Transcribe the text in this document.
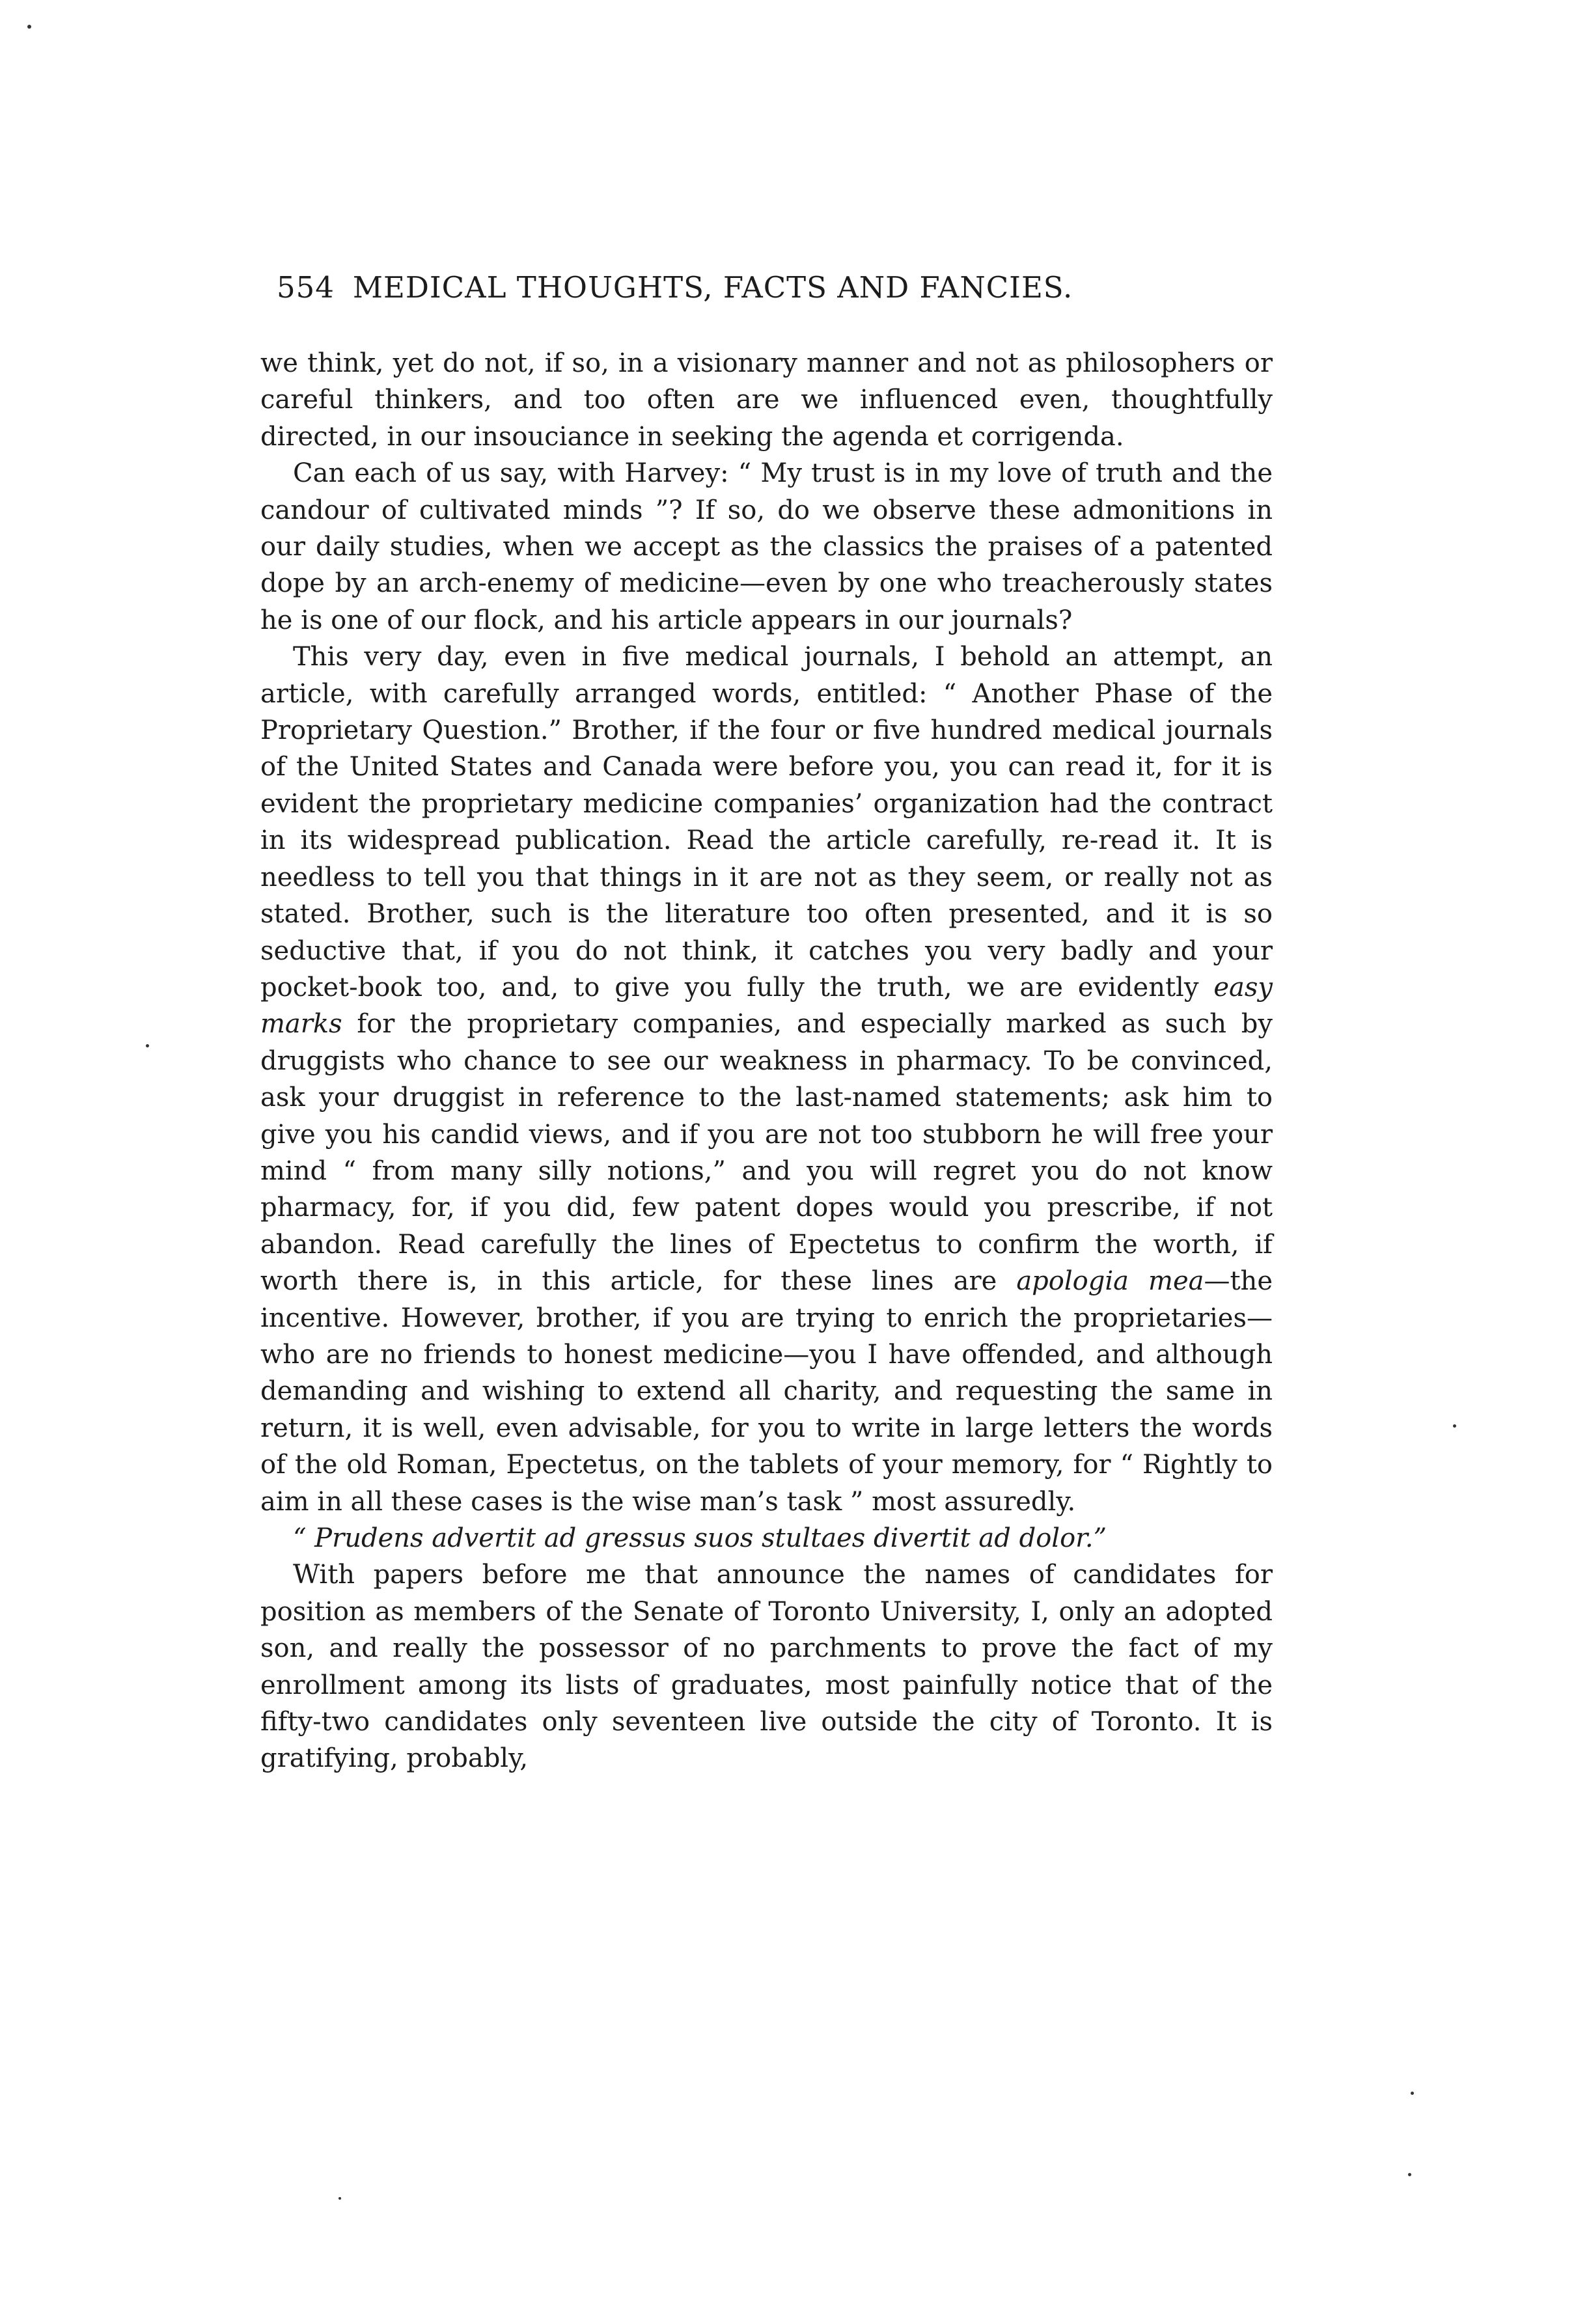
554 MEDICAL THOUGHTS, FACTS AND FANCIES.

we think, yet do not, if so, in a visionary manner and not as philosophers or careful thinkers, and too often are we influenced even, thoughtfully directed, in our insouciance in seeking the agenda et corrigenda.

Can each of us say, with Harvey: “ My trust is in my love of truth and the candour of cultivated minds ”? If so, do we observe these admonitions in our daily studies, when we accept as the classics the praises of a patented dope by an arch-enemy of medicine—even by one who treacherously states he is one of our flock, and his article appears in our journals?

This very day, even in five medical journals, I behold an attempt, an article, with carefully arranged words, entitled: “ Another Phase of the Proprietary Question.” Brother, if the four or five hundred medical journals of the United States and Canada were before you, you can read it, for it is evident the proprietary medicine companies’ organization had the contract in its widespread publication. Read the article carefully, re-read it. It is needless to tell you that things in it are not as they seem, or really not as stated. Brother, such is the literature too often presented, and it is so seductive that, if you do not think, it catches you very badly and your pocket-book too, and, to give you fully the truth, we are evidently easy marks for the proprietary companies, and especially marked as such by druggists who chance to see our weakness in pharmacy. To be convinced, ask your druggist in reference to the last-named statements; ask him to give you his candid views, and if you are not too stubborn he will free your mind “ from many silly notions,” and you will regret you do not know pharmacy, for, if you did, few patent dopes would you prescribe, if not abandon. Read carefully the lines of Epectetus to confirm the worth, if worth there is, in this article, for these lines are apologia mea—the incentive. However, brother, if you are trying to enrich the proprietaries—who are no friends to honest medicine—you I have offended, and although demanding and wishing to extend all charity, and requesting the same in return, it is well, even advisable, for you to write in large letters the words of the old Roman, Epectetus, on the tablets of your memory, for “ Rightly to aim in all these cases is the wise man’s task ” most assuredly.

“ Prudens advertit ad gressus suos stultaes divertit ad dolor.”

With papers before me that announce the names of candidates for position as members of the Senate of Toronto University, I, only an adopted son, and really the possessor of no parchments to prove the fact of my enrollment among its lists of graduates, most painfully notice that of the fifty-two candidates only seventeen live outside the city of Toronto. It is gratifying, probably,
